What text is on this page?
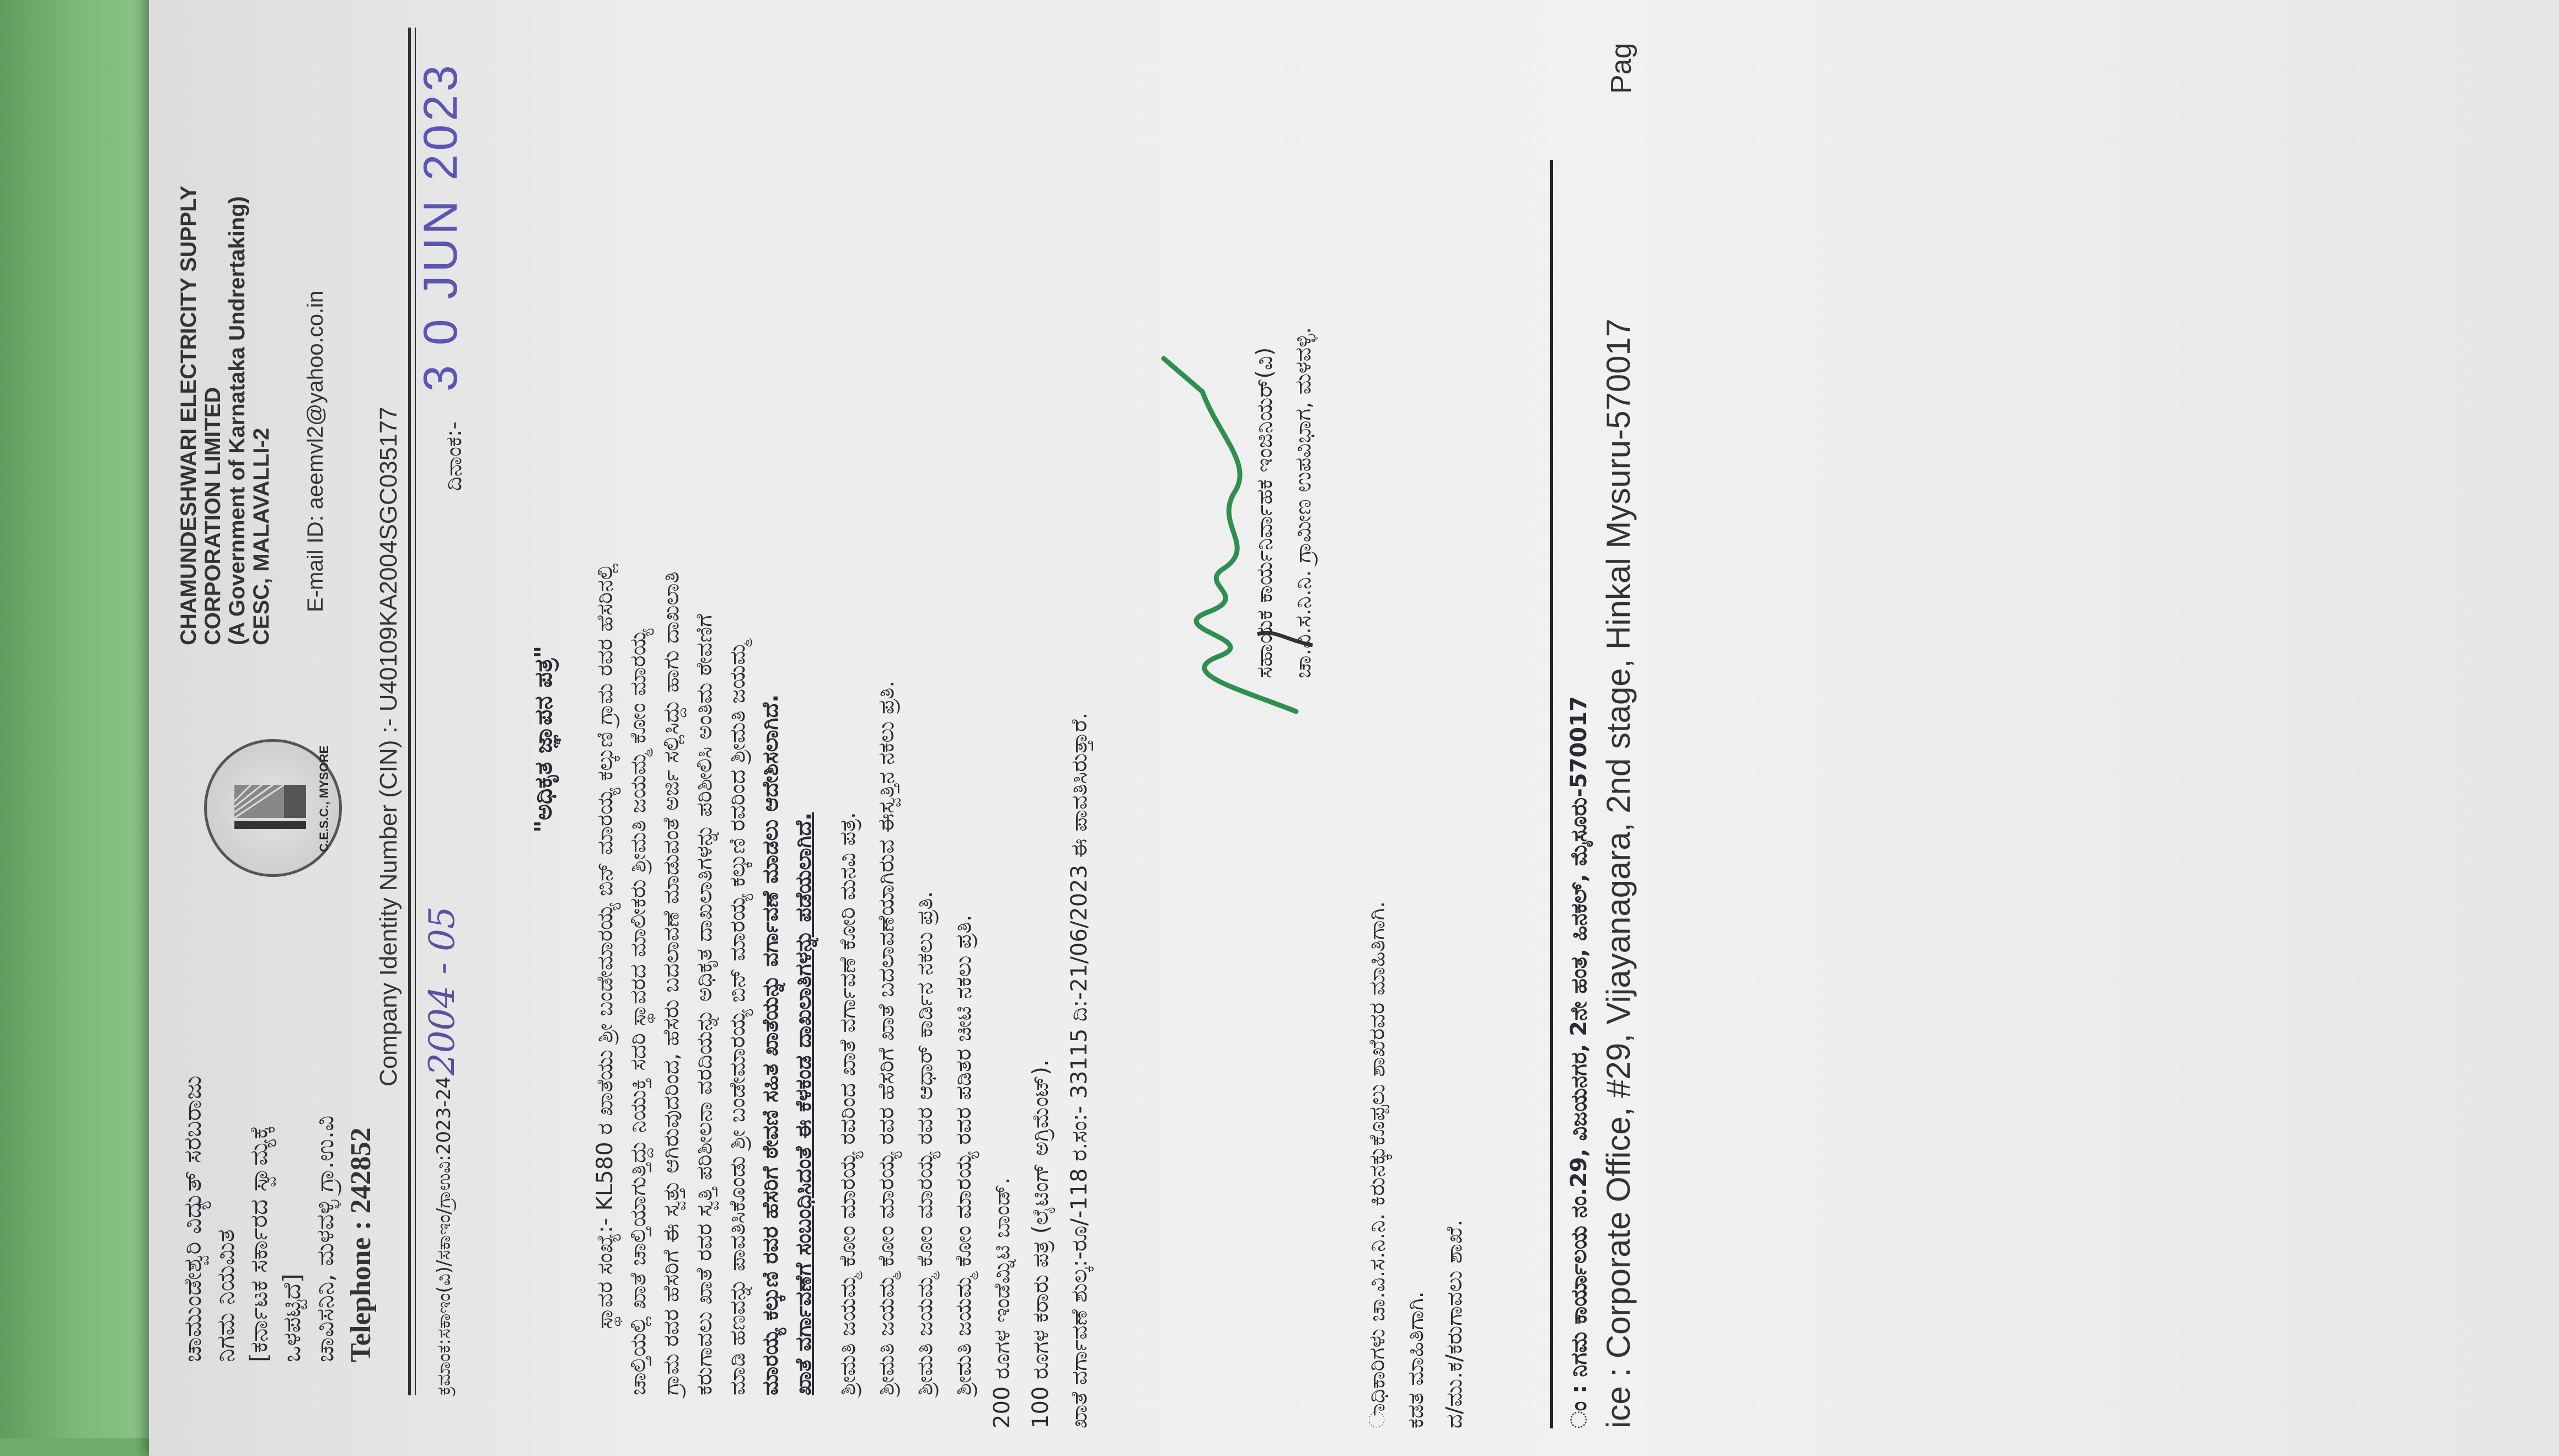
ಚಾಮುಂಡೇಶ್ವರಿ ವಿದ್ಯುತ್ ಸರಬರಾಜು ನಿಗಮ ನಿಯಮಿತ [ಕರ್ನಾಟಕ ಸರ್ಕಾರದ ಸ್ವಾಮ್ಯಕ್ಕೆ ಒಳಪಟ್ಟಿದೆ] ಚಾವಿಸನಿನಿ, ಮಳವಳ್ಳಿ ಗ್ರಾ.ಉ.ವಿ Telephone : 242852
C.E.S.C., MYSORE
CHAMUNDESHWARI ELECTRICITY SUPPLY CORPORATION LIMITED (A Government of Karnataka Undrertaking) CESC, MALAVALLI-2 E-mail ID: aeemvl2@yahoo.co.in Company Identity Number (CIN) :- U40109KA2004SGC035177
ಕ್ರಮಾಂಕ:ಸಕಾಇಂ(ವಿ)/ಸಕಾಇಂ/ಗ್ರಾಉವಿ:2023-24
2004 - 05
ದಿನಾಂಕ:-
3 0 JUN 2023
"ಅಧಿಕೃತ ಜ್ಞಾಪನ ಪತ್ರ" ಸ್ಥಾವರ ಸಂಖ್ಯೆ:- KL580 ರ ಖಾತೆಯು ಶ್ರೀ ಬಂಡೇಮಾರಯ್ಯ ಬಿನ್ ಮಾರಯ್ಯ ಕಲ್ಕುಣಿ ಗ್ರಾಮ ರವರ ಹೆಸರಿನಲ್ಲಿ ಚಾಲ್ತಿಯಲ್ಲಿ ಖಾತೆ ಚಾಲ್ತಿಯಾಗುತ್ತಿದ್ದು ನಿಯುಕ್ತಿ ಸದರಿ ಸ್ಥಾವರದ ಮಾಲೀಕರು ಶ್ರೀಮತಿ ಜಯಮ್ಮ ಕೋಂ ಮಾರಯ್ಯ ಗ್ರಾಮ ರವರ ಹೆಸರಿಗೆ ಈ ಸ್ವತ್ತು ಆಗಿರುವುದರಿಂದ, ಹೆಸರು ಬದಲಾವಣೆ ಮಾಡುವಂತೆ ಅರ್ಜಿ ಸಲ್ಲಿಸಿದ್ದು ಹಾಗು ದಾಖಲಾತಿ ಕರುಗಾವಲು ಖಾತೆ ರವರ ಸ್ವತ್ತಿ ಪರಿಶೀಲನಾ ವರದಿಯನ್ನು ಅಧಿಕೃತ ದಾಖಲಾತಿಗಳನ್ನು ಪರಿಶೀಲಿಸಿ ಅಂತಿಮ ಠೇವಣಿಗೆ ಮಾಡಿ ಹಣವನ್ನು ಪಾವತಿಸಿಕೊಂಡು ಶ್ರೀ ಬಂಡೇಮಾರಯ್ಯ ಬಿನ್ ಮಾರಯ್ಯ ಕಲ್ಕುಣಿ ರವರಿಂದ ಶ್ರೀಮತಿ ಜಯಮ್ಮ ಮಾರಯ್ಯ ಕಲ್ಕುಣಿ ರವರ ಹೆಸರಿಗೆ ಠೇವಣಿ ಸಹಿತ ಖಾತೆಯನ್ನು ವರ್ಗಾವಣೆ ಮಾಡಲು ಆದೇಶಿಸಲಾಗಿದೆ. ಖಾತೆ ವರ್ಗಾವಣೆಗೆ ಸಂಬಂಧಿಸಿದಂತೆ ಈ ಕೆಳಕಂಡ ದಾಖಲಾತಿಗಳನ್ನು ಪಡೆಯಲಾಗಿದೆ. ಶ್ರೀಮತಿ ಜಯಮ್ಮ ಕೋಂ ಮಾರಯ್ಯ ರವರಿಂದ ಖಾತೆ ವರ್ಗಾವಣೆ ಕೋರಿ ಮನವಿ ಪತ್ರ. ಶ್ರೀಮತಿ ಜಯಮ್ಮ ಕೋಂ ಮಾರಯ್ಯ ರವರ ಹೆಸರಿಗೆ ಖಾತೆ ಬದಲಾವಣೆಯಾಗಿರುವ ಈಸ್ವತ್ತಿನ ನಕಲು ಪ್ರತಿ. ಶ್ರೀಮತಿ ಜಯಮ್ಮ ಕೋಂ ಮಾರಯ್ಯ ರವರ ಆಧಾರ್ ಕಾರ್ಡಿನ ನಕಲು ಪ್ರತಿ. ಶ್ರೀಮತಿ ಜಯಮ್ಮ ಕೋಂ ಮಾರಯ್ಯ ರವರ ಪಡಿತರ ಚೀಟಿ ನಕಲು ಪ್ರತಿ. 200 ರೂಗಳ ಇಂಡೆಮ್ನಿಟಿ ಬಾಂಡ್. 100 ರೂಗಳ ಕರಾರು ಪತ್ರ (ಲೈಟಿಂಗ್ ಅಗ್ರಿಮೆಂಟ್). ಖಾತೆ ವರ್ಗಾವಣೆ ಶುಲ್ಕ:-ರೂ/-118 ರ.ಸಂ:- 33115 ದಿ:-21/06/2023 ಈ ಪಾವತಿಸಿರುತ್ತಾರೆ.
ಸಹಾಯಕ ಕಾರ್ಯನಿರ್ವಾಹಕ ಇಂಜಿನಿಯರ್(ವಿ) ಚಾ.ವಿ.ಸ.ನಿ.ನಿ. ಗ್ರಾಮೀಣ ಉಪವಿಭಾಗ, ಮಳವಳ್ಳಿ.
ಾಧಿಕಾರಿಗಳು ಚಾ.ವಿ.ಸ.ನಿ.ನಿ. ಕಿರುನಕ್ಕುಕೊಪ್ಪಲು ಶಾಖೆರವರ ಮಾಹಿತಿಗಾಗಿ. ಕಡತ ಮಾಹಿತಿಗಾಗಿ. ದ/ಮು.ಕ/ಕರುಗಾವಲು ಶಾಖೆ.	ಂ : ನಿಗಮ ಕಾರ್ಯಾಲಯ ನಂ.29, ವಿಜಯನಗರ, 2ನೇ ಹಂತ, ಹಿನಕಲ್, ಮೈಸೂರು-570017 ice : Corporate Office, #29, Vijayanagara, 2nd stage, Hinkal Mysuru-570017
Pag
